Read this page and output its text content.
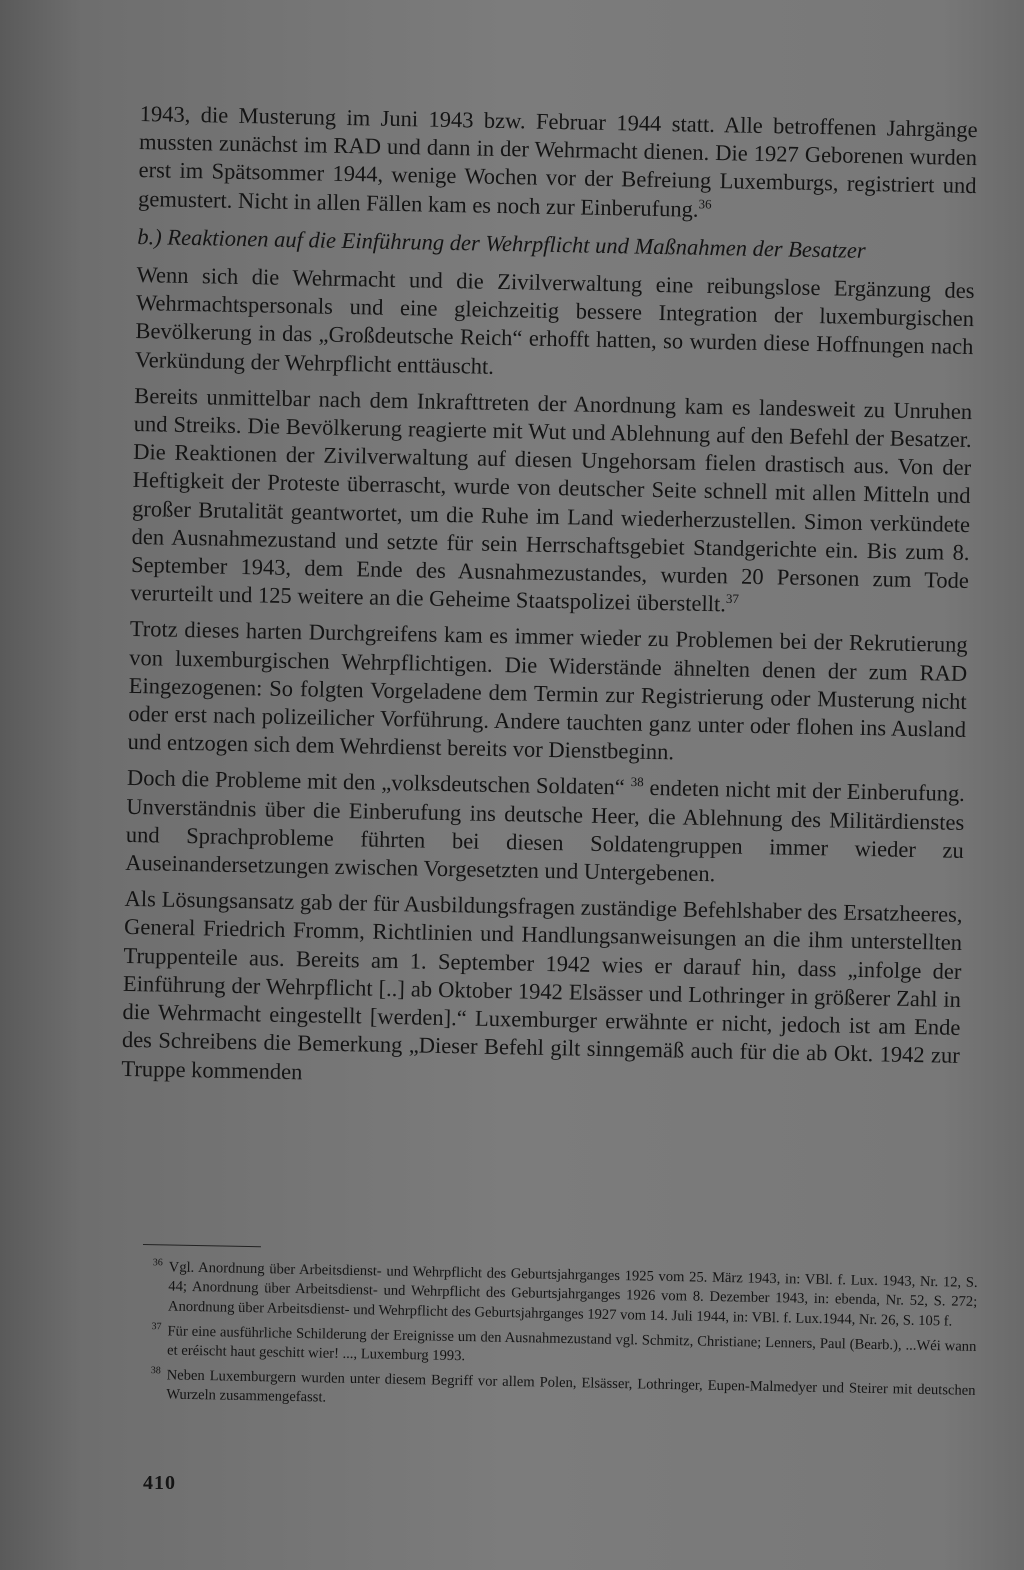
1943, die Musterung im Juni 1943 bzw. Februar 1944 statt. Alle betroffenen Jahrgänge mussten zunächst im RAD und dann in der Wehrmacht dienen. Die 1927 Geborenen wurden erst im Spätsommer 1944, wenige Wochen vor der Befreiung Luxemburgs, registriert und gemustert. Nicht in allen Fällen kam es noch zur Einberufung.$^{36}$

b.) Reaktionen auf die Einführung der Wehrpflicht und Maßnahmen der Besatzer

Wenn sich die Wehrmacht und die Zivilverwaltung eine reibungslose Ergänzung des Wehrmachtspersonals und eine gleichzeitig bessere Integration der luxemburgischen Bevölkerung in das „Großdeutsche Reich“ erhofft hatten, so wurden diese Hoffnungen nach Verkündung der Wehrpflicht enttäuscht.

Bereits unmittelbar nach dem Inkrafttreten der Anordnung kam es landesweit zu Unruhen und Streiks. Die Bevölkerung reagierte mit Wut und Ablehnung auf den Befehl der Besatzer. Die Reaktionen der Zivilverwaltung auf diesen Ungehorsam fielen drastisch aus. Von der Heftigkeit der Proteste überrascht, wurde von deutscher Seite schnell mit allen Mitteln und großer Brutalität geantwortet, um die Ruhe im Land wiederherzustellen. Simon verkündete den Ausnahmezustand und setzte für sein Herrschaftsgebiet Standgerichte ein. Bis zum 8. September 1943, dem Ende des Ausnahmezustandes, wurden 20 Personen zum Tode verurteilt und 125 weitere an die Geheime Staatspolizei überstellt.$^{37}$

Trotz dieses harten Durchgreifens kam es immer wieder zu Problemen bei der Rekrutierung von luxemburgischen Wehrpflichtigen. Die Widerstände ähnelten denen der zum RAD Eingezogenen: So folgten Vorgeladene dem Termin zur Registrierung oder Musterung nicht oder erst nach polizeilicher Vorführung. Andere tauchten ganz unter oder flohen ins Ausland und entzogen sich dem Wehrdienst bereits vor Dienstbeginn.

Doch die Probleme mit den „volksdeutschen Soldaten“ $^{38}$ endeten nicht mit der Einberufung. Unverständnis über die Einberufung ins deutsche Heer, die Ablehnung des Militärdienstes und Sprachprobleme führten bei diesen Soldatengruppen immer wieder zu Auseinandersetzungen zwischen Vorgesetzten und Untergebenen.

Als Lösungsansatz gab der für Ausbildungsfragen zuständige Befehlshaber des Ersatzheeres, General Friedrich Fromm, Richtlinien und Handlungsanweisungen an die ihm unterstellten Truppenteile aus. Bereits am 1. September 1942 wies er darauf hin, dass „infolge der Einführung der Wehrpflicht [..] ab Oktober 1942 Elsässer und Lothringer in größerer Zahl in die Wehrmacht eingestellt [werden].“ Luxemburger erwähnte er nicht, jedoch ist am Ende des Schreibens die Bemerkung „Dieser Befehl gilt sinngemäß auch für die ab Okt. 1942 zur Truppe kommenden

36 Vgl. Anordnung über Arbeitsdienst- und Wehrpflicht des Geburtsjahrganges 1925 vom 25. März 1943, in: VBl. f. Lux. 1943, Nr. 12, S. 44; Anordnung über Arbeitsdienst- und Wehrpflicht des Geburtsjahrganges 1926 vom 8. Dezember 1943, in: ebenda, Nr. 52, S. 272; Anordnung über Arbeitsdienst- und Wehrpflicht des Geburtsjahrganges 1927 vom 14. Juli 1944, in: VBl. f. Lux.1944, Nr. 26, S. 105 f.

37 Für eine ausführliche Schilderung der Ereignisse um den Ausnahmezustand vgl. Schmitz, Christiane; Lenners, Paul (Bearb.), ...Wéi wann et eréischt haut geschitt wier! ..., Luxemburg 1993.

38 Neben Luxemburgern wurden unter diesem Begriff vor allem Polen, Elsässer, Lothringer, Eupen-Malmedyer und Steirer mit deutschen Wurzeln zusammengefasst.

410
